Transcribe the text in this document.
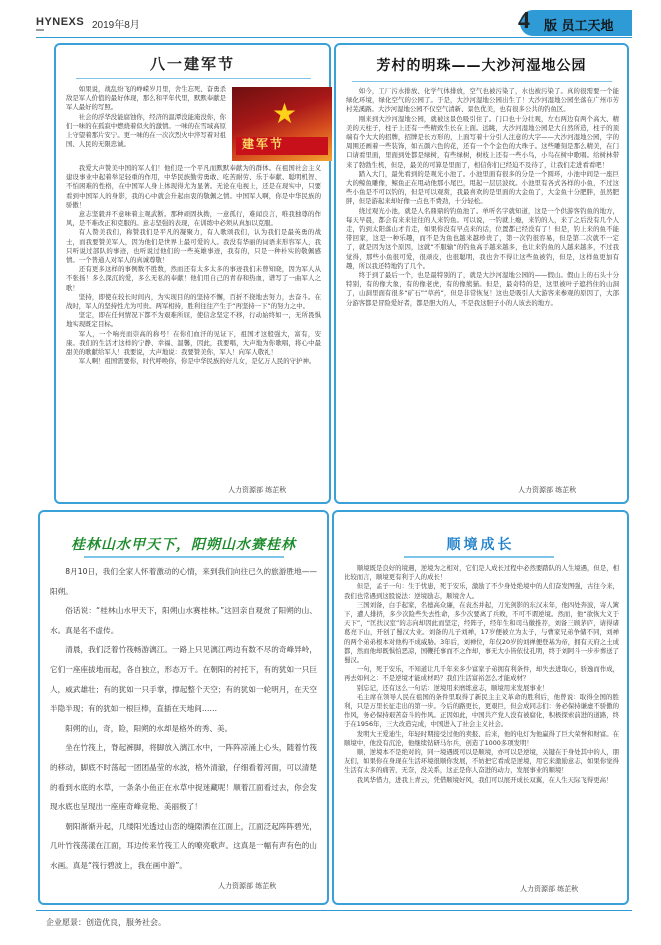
HYNEXS 2019年8月	4 版 员工天地
八一建军节
★
建军节

如果说，战乱纷飞的峥嵘岁月里，舍生忘死、奋勇杀敌是军人价值的最好体现，那么和平年代里，默默奉献是军人最好的写照。

社会的浮华没能腐蚀你，经济的温潭没能淹没你，你们一味的在孤寂中燃烧着似火的激情。一味的在雪域高原上守望着那片安宁。更一味的在一次次烈火中淬写着对祖国、人民的无限忠诚。

我爱大声赞美中国的军人们！他们是一个平凡而默默奉献为的群体。在祖国社会主义建设事业中起着举足轻重的作用，中华民族勤劳勇敢、吃苦耐劳、乐于奉献、聪明机智、不怕困难的性格，在中国军人身上体现得尤为显著。无论在电视上，还是在现实中，只要看到中国军人的身影，我的心中就会升起由衷的敬佩之情。中国军人啊，你是中华民族的骄傲！

意志坚毅并不意味着主观武断。那种顽固执拗，一意孤行，难闻良言，唯我独尊的作风，是不难改正和克服的。意志坚强的表现，在训练中必须从真加以克服。

有人赞美我们，称赞我们是平凡的凝聚力，有人歌颂我们，认为我们是最英勇的战士，而我要赞美军人，因为他们是世界上最可爱的人。我没有华丽的词语来形容军人，我只听说过部队的事迹，也听说过他们的一些英雄事迹，我有的，只是一种朴实的敬佩感情。一个普通人对军人的真诚尊敬！

还有更多这样的事例数不胜数，然而还有太多太多的事迹我们未曾知晓，因为军人从不张扬！多么深沉的爱，多么无私的奉献！他们用自己的青春和热血，谱写了一曲军人之歌！

坚持，即使在较长时间内，为实现目的的坚持不懈，百折不挠地去努力，去奋斗。在战时，军人的坚持性尤为可贵。两军相持，胜利往往产生于“再坚持一下”的努力之中。

坚定，即在任何情况下都不为艰难所屈，使信念坚定不移，行动始终如一，无所畏惧地实现既定目标。

军人，一个响亮而崇高的称号！在你们血汗的见证下，祖国才这般强大，富有，安康。我们的生活才这样的宁静、幸福、温馨，因此，我要唱，大声地为你歌唱，将心中最甜美的歌献给军人！我要说，大声地说：我要赞美你，军人！向军人敬礼！

军人啊！祖国需要你，时代呼唤你，你是中华民族的好儿女，是亿万人民的守护神。

人力资源部 练芷秋
芳村的明珠——大沙河湿地公园

如今，工厂污水排放、化学气体排放，空气也被污染了，水也被污染了。真的很需要一个能绿化环境，绿化空气的公园了。于是，大沙河湿地公园出生了！大沙河湿地公园坐落在广州市芳村芜溪路。大沙河湿地公园不仅空气清新、景色优美，也有很多公共的钓鱼区。

刚来到大沙河湿地公园，就被这景色吸引住了。门口也十分壮观，左右两边有两个高大、精美的天柱子，柱子上还有一些精致生长在上面。远眺，大沙河湿地公园是大自然所造，柱子的顶端有个大大的招牌，招牌是长方形的，上面写着十分引人注意的大字——大沙河湿地公园，字的周围还画着一些装饰，如五颜六色的花，还有一个个金色的大珠子。这些雕刻是那么精美，在门口请看里面，里面到处都是绿树，有些绿树，树枝上还有一些小鸟，小鸟在树中歌唱。给树林带来了勃勃生机，但是，最美的可算是里面了，相信你们已经迫不及待了，让我们走进看看吧！

踏入大门，最先看到的是观光小池了。小池里面有很多的分是一个圆环，小池中间是一座巨大的鲸鱼雕像，鲸鱼正在甩动他那小尾巴，甩起一层层波纹。小池里有各式各样的小鱼，不过这些小鱼是不可以钓的，但是可以观赏，我最喜欢的是里面的大金鱼了，大金鱼十分肥胖，虽然肥胖，但是游起来却好像一点也不费劲，十分轻松。

绕过观光小池，就是人名鼎鼎的钓鱼池了。单听名字就知道，这是一个供游客钓鱼的地方，每天早晨，都会有来来往往的人来钓鱼。可以说，一钓就上瘾，来钓的人，来了之后没有几个人走，钓到太阳落山才肯走，如果你没有早点来的话，位置都已经没有了！但是，钓上来的鱼不能带回家，这是一种乐趣，而不是为鱼也越来越珍贵了，第一次钓很容易，但是第二次就不一定了，就是因为这个原因，这就“不服输”的钓鱼高手越来越多，也让来钓鱼的人越来越多，不过我觉得，那些小鱼很可爱，很顽皮，也很聪明，我也舍不得让这些鱼被钓，但是，这样鱼更加有趣，所以我还特地钓了几个。

终于到了最后一个，也是最特别的了，就是大沙河湿地公园的——假山。假山上的石头十分特别，有的像大象，有的像老虎，有的像熊猫。但是，最奇特的是，这里被叶子遮挡住的山洞了，山洞里面有很多“矿石”“草药”，但是非常恢复！这也是吸引人大游客来参观的原因了，大部分游客都是冒险爱好者，都是胆大的人，不是我这胆子小的人该去的地方。

人力资源部 练芷秋
桂林山水甲天下，阳朔山水赛桂林

8月10日，我们全家人怀着激动的心情，来到我们向往已久的旅游胜地——阳朔。

俗话说：“桂林山水甲天下，阳朔山水赛桂林。”这回亲自观赏了阳朔的山、水。真是名不虚传。

清晨，我们泛着竹筏畅游漓江。一路上只见漓江两边有数不尽的奇峰异岭，它们一座座拔地而起，各自独立，形态万千。在朝阳的衬托下，有的犹如一只巨人，威武雄壮；有的犹如一只手掌，撑起整个天空；有的犹如一轮明月，在天空半隐半现；有的犹如一根巨棒，直插在天地间……

阳朔的山，奇，险，阳朔的水却是格外的秀、美。

坐在竹筏上，脊起裤脚，将脚放入漓江水中，一阵阵凉涌上心头，随着竹筏的移动，脚底不时荡起一团团晶莹的水波，格外清澈，仔细看着河面，可以清楚的看到水底的水草，一条条小鱼正在水草中捉迷藏呢！顺着江面看过去，你会发现水底也呈现出一座座奇峰竞艳、美丽极了！

朝阳渐渐升起，几缕阳光透过山峦的缝隙洒在江面上，江面泛起阵阵碧光，几叶竹筏荡漾在江面，耳边传来竹筏工人的嘹亮歌声。这真是一幅有声有色的山水画。真是“筏行碧波上，我在画中游”。

人力资源部 练芷秋
顺境成长

顺境既是良好的境遇，逆境为之相对，它们是人成长过程中必然要踏队的人生境遇，但是，相比较而言，顺境更有利于人的成长！

但是，孟子一句：生于忧患，死于安乐，激励了不少身处绝境中的人们奋发图强，古往今来，我们也常遇到这股说法：逆境励志，顺境舍人。

三国刘备，白手起家，名德高众廉，在袁杰并起，刀光剑影的东汉末年，他四处奔波，寄人篱下，遭人排挤，多少次险些失去性命，多少次要离了兵败，不可不谓逆境。然而，他“欲恢大义于天下”，“匡扶汉室”的志向却因此而坚定，经阵子，经年生和司马徽推荐，刘备三顾茅庐，请得诸葛亮下山，开创了蜀汉大业。刘备的儿子刘禅，17岁便被立为太子，与曹家兄弟争储不同，刘禅的两个弟弟根本对他构不成威胁。3年后，刘禅位，年仅20岁的刘禅便登基为帝，拥有天府之土成都，然而他却既惧怕恶凉，国鞭托事而不之作却，事无大小皆依仗孔明，终于刘阿斗一步步葬送了蜀汉。

一句，死于安乐，不知道让几千年来多少富家子弟拥有利条件，却失去进取心，骄逸而作成，再去如何之：不是逆境才能成材吗？我们生活富裕怎么才能成材？

别忘记，还有这么一句话：逆境用来磨练意志，顺境用来发展事业！

毛主席在领导人民在祖国的条件里取得了新民主主义革命的胜利后，他曾说：取得全国的胜利，只是万里长征走出的第一步。今后的路更长，更艰巨，但会成同志们：务必保持谦虚不骄傲的作风，务必保持艰苦奋斗的作风。正因如此，中国共产党人没有被腐化，积极探索前进的道路，终于在1956年，三大改造完成，中国进入了社会主义社会。

发明大王爱迪生，年轻时期接受过他的卖报、后来，他的电灯为他赢得了巨大荣誉和财富。在顺境中，他没有沉沦，他继续钻研马尔兵，创造了1000多项发明！

顺，逆境本不是绝对的，同一境遇既可以是顺境，亦可以是逆境，关键在于身处其中的人，朋友们，如果你在身现在生活环境很顺你发展，不妨把它看成是逆境，用它来激励意志，如果你觉得生活有太多的痛苦，无奈，没关系，这正是你人奋进的动力，发展事业的顺境！

我风华惜力，进我上青云，凭借顺境好风，我们可以展开成长双翼，在人生天际飞得更高！

人力资源部 练芷秋
企业愿景：创造优良，服务社会。
